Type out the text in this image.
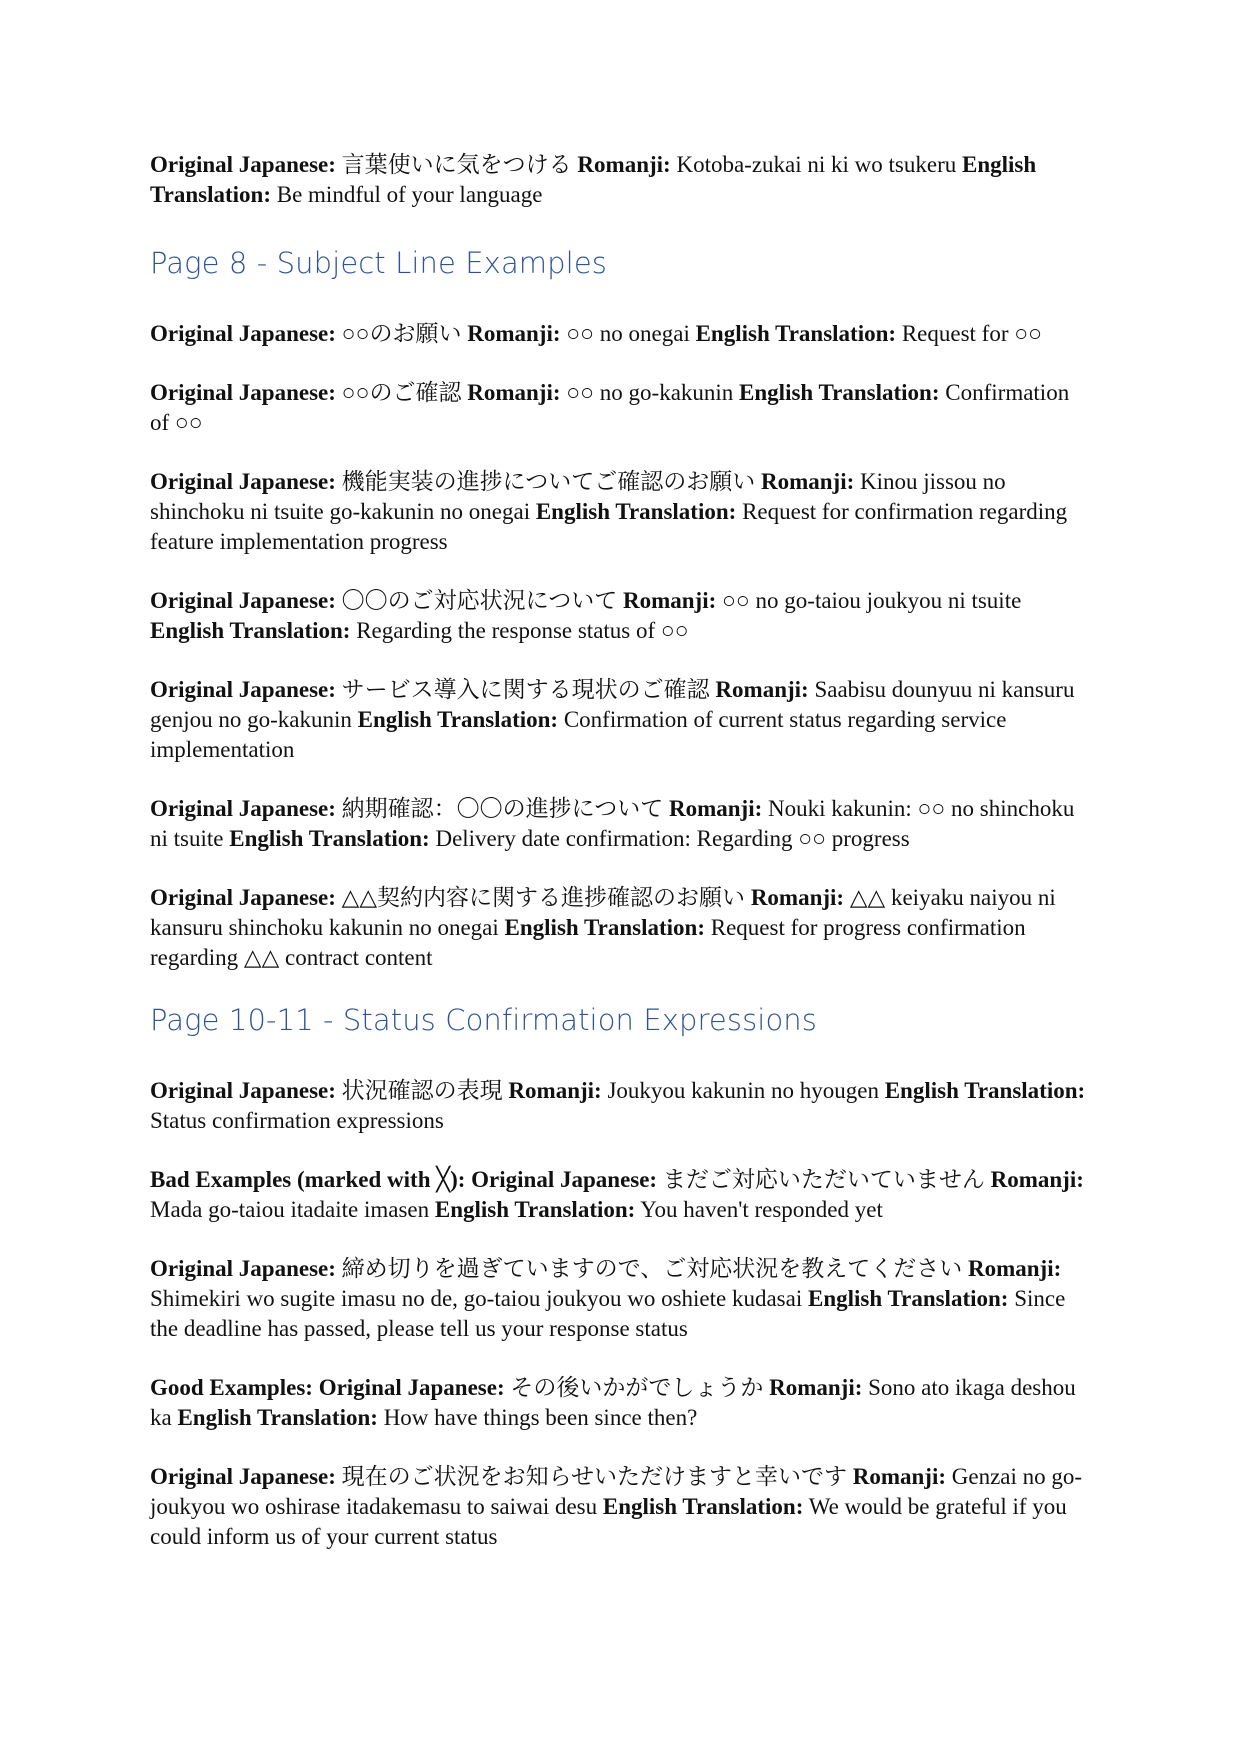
Original Japanese: 言葉使いに気をつける Romanji: Kotoba-zukai ni ki wo tsukeru English Translation: Be mindful of your language

Page 8 - Subject Line Examples

Original Japanese: ○○のお願い Romanji: ○○ no onegai English Translation: Request for ○○

Original Japanese: ○○のご確認 Romanji: ○○ no go-kakunin English Translation: Confirmation of ○○

Original Japanese: 機能実装の進捗についてご確認のお願い Romanji: Kinou jissou no shinchoku ni tsuite go-kakunin no onegai English Translation: Request for confirmation regarding feature implementation progress

Original Japanese: 〇〇のご対応状況について Romanji: ○○ no go-taiou joukyou ni tsuite English Translation: Regarding the response status of ○○

Original Japanese: サービス導入に関する現状のご確認 Romanji: Saabisu dounyuu ni kansuru genjou no go-kakunin English Translation: Confirmation of current status regarding service implementation

Original Japanese: 納期確認：〇〇の進捗について Romanji: Nouki kakunin: ○○ no shinchoku ni tsuite English Translation: Delivery date confirmation: Regarding ○○ progress

Original Japanese: △△契約内容に関する進捗確認のお願い Romanji: △△ keiyaku naiyou ni kansuru shinchoku kakunin no onegai English Translation: Request for progress confirmation regarding △△ contract content

Page 10-11 - Status Confirmation Expressions

Original Japanese: 状況確認の表現 Romanji: Joukyou kakunin no hyougen English Translation: Status confirmation expressions

Bad Examples (marked with ╳): Original Japanese: まだご対応いただいていません Romanji: Mada go-taiou itadaite imasen English Translation: You haven't responded yet

Original Japanese: 締め切りを過ぎていますので、ご対応状況を教えてください Romanji: Shimekiri wo sugite imasu no de, go-taiou joukyou wo oshiete kudasai English Translation: Since the deadline has passed, please tell us your response status

Good Examples: Original Japanese: その後いかがでしょうか Romanji: Sono ato ikaga deshou ka English Translation: How have things been since then?

Original Japanese: 現在のご状況をお知らせいただけますと幸いです Romanji: Genzai no go-joukyou wo oshirase itadakemasu to saiwai desu English Translation: We would be grateful if you could inform us of your current status
